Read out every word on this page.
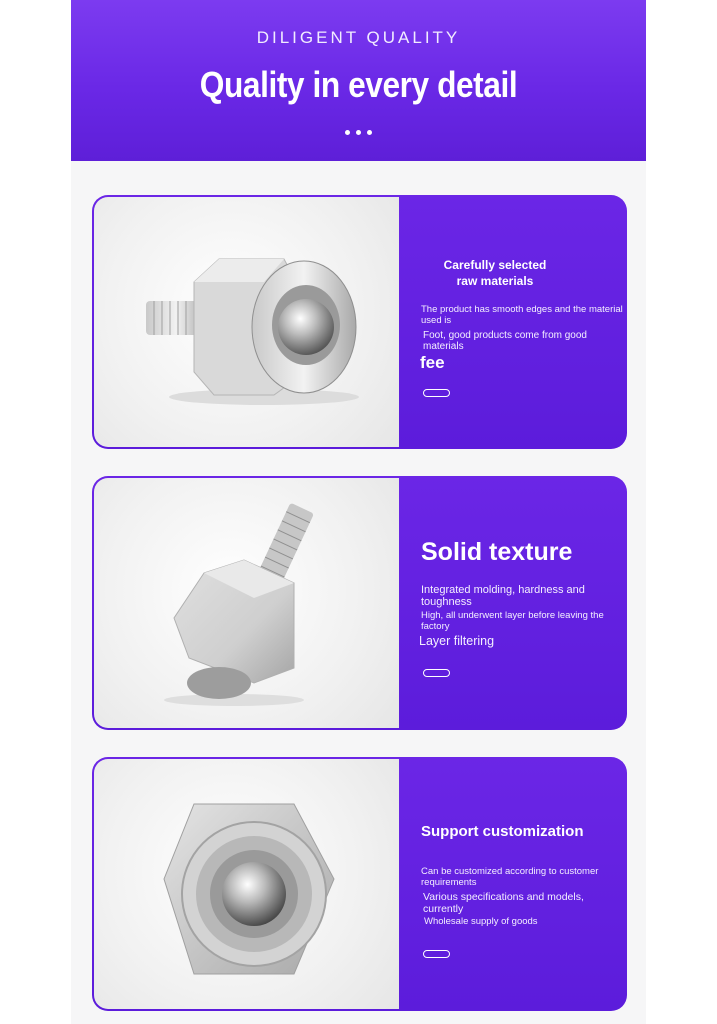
DILIGENT QUALITY
Quality in every detail
Carefully selected raw materials
The product has smooth edges and the material used is
Foot, good products come from good materials
fee
Solid texture
Integrated molding, hardness and toughness
High, all underwent layer before leaving the factory
Layer filtering
Support customization
Can be customized according to customer requirements
Various specifications and models, currently
Wholesale supply of goods
